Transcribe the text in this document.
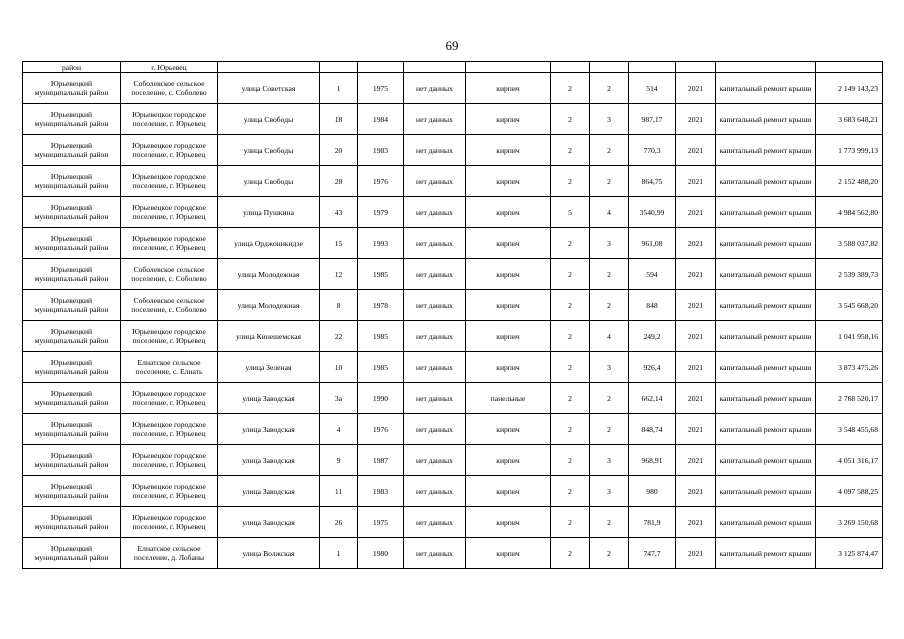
69
район	г. Юрьевец											
Юрьевецкий муниципальный район	Соболевское сельское поселение, с. Соболево	улица Советская	1	1975	нет данных	кирпич	2	2	514	2021	капитальный ремонт крыши	2 149 143,23
Юрьевецкий муниципальный район	Юрьевецкое городское поселение, г. Юрьевец	улица Свободы	18	1984	нет данных	кирпич	2	3	987,17	2021	капитальный ремонт крыши	3 683 648,21
Юрьевецкий муниципальный район	Юрьевецкое городское поселение, г. Юрьевец	улица Свободы	20	1983	нет данных	кирпич	2	2	770,3	2021	капитальный ремонт крыши	1 773 999,13
Юрьевецкий муниципальный район	Юрьевецкое городское поселение, г. Юрьевец	улица Свободы	28	1976	нет данных	кирпич	2	2	864,75	2021	капитальный ремонт крыши	2 152 488,20
Юрьевецкий муниципальный район	Юрьевецкое городское поселение, г. Юрьевец	улица Пушкина	43	1979	нет данных	кирпич	5	4	3540,99	2021	капитальный ремонт крыши	4 984 562,80
Юрьевецкий муниципальный район	Юрьевецкое городское поселение, г. Юрьевец	улица Орджоникидзе	15	1993	нет данных	кирпич	2	3	961,08	2021	капитальный ремонт крыши	3 588 037,82
Юрьевецкий муниципальный район	Соболевское сельское поселение, с. Соболево	улица Молодежная	12	1985	нет данных	кирпич	2	2	594	2021	капитальный ремонт крыши	2 539 389,73
Юрьевецкий муниципальный район	Соболевское сельское поселение, с. Соболево	улица Молодежная	8	1978	нет данных	кирпич	2	2	848	2021	капитальный ремонт крыши	3 545 668,20
Юрьевецкий муниципальный район	Юрьевецкое городское поселение, г. Юрьевец	улица Кинешемская	22	1985	нет данных	кирпич	2	4	249,2	2021	капитальный ремонт крыши	1 041 958,16
Юрьевецкий муниципальный район	Елнатское сельское поселение, с. Елнать	улица Зеленая	10	1985	нет данных	кирпич	2	3	926,4	2021	капитальный ремонт крыши	3 873 475,26
Юрьевецкий муниципальный район	Юрьевецкое городское поселение, г. Юрьевец	улица Заводская	3а	1990	нет данных	панельные	2	2	662,14	2021	капитальный ремонт крыши	2 768 520,17
Юрьевецкий муниципальный район	Юрьевецкое городское поселение, г. Юрьевец	улица Заводская	4	1976	нет данных	кирпич	2	2	848,74	2021	капитальный ремонт крыши	3 548 455,68
Юрьевецкий муниципальный район	Юрьевецкое городское поселение, г. Юрьевец	улица Заводская	9	1987	нет данных	кирпич	2	3	968,91	2021	капитальный ремонт крыши	4 051 316,17
Юрьевецкий муниципальный район	Юрьевецкое городское поселение, г. Юрьевец	улица Заводская	11	1983	нет данных	кирпич	2	3	980	2021	капитальный ремонт крыши	4 097 588,25
Юрьевецкий муниципальный район	Юрьевецкое городское поселение, г. Юрьевец	улица Заводская	26	1975	нет данных	кирпич	2	2	781,9	2021	капитальный ремонт крыши	3 269 150,68
Юрьевецкий муниципальный район	Елнатское сельское поселение, д. Лобаны	улица Волжская	1	1980	нет данных	кирпич	2	2	747,7	2021	капитальный ремонт крыши	3 125 874,47
